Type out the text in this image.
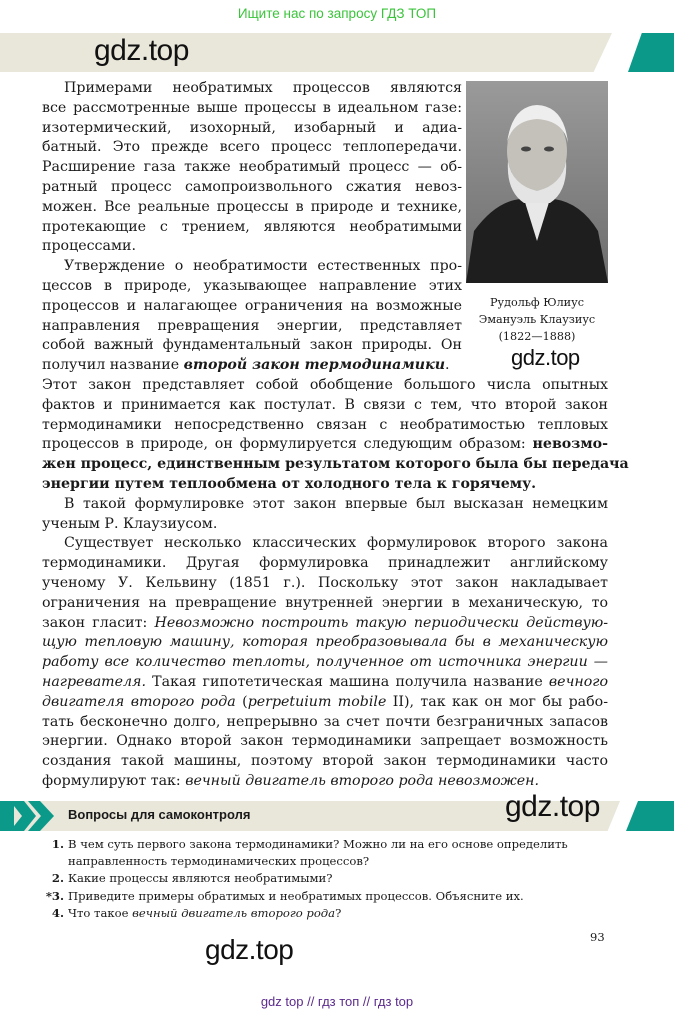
Ищите нас по запросу ГДЗ ТОП
gdz.top
Примерами необратимых процессов являются
все рассмотренные выше процессы в идеальном газе:
изотермический, изохорный, изобарный и адиа-
батный. Это прежде всего процесс теплопередачи.
Расширение газа также необратимый процесс — об-
ратный процесс самопроизвольного сжатия невоз-
можен. Все реальные процессы в природе и технике,
протекающие с трением, являются необратимыми
процессами.
Утверждение о необратимости естественных про-
цессов в природе, указывающее направление этих
процессов и налагающее ограничения на возможные
направления превращения энергии, представляет
собой важный фундаментальный закон природы. Он
получил название второй закон термодинамики.
Этот закон представляет собой обобщение большого числа опытных
фактов и принимается как постулат. В связи с тем, что второй закон
термодинамики непосредственно связан с необратимостью тепловых
процессов в природе, он формулируется следующим образом: невозмо-
жен процесс, единственным результатом которого была бы передача
энергии путем теплообмена от холодного тела к горячему.
В такой формулировке этот закон впервые был высказан немецким
ученым Р. Клаузиусом.
Существует несколько классических формулировок второго закона
термодинамики. Другая формулировка принадлежит английскому
ученому У. Кельвину (1851 г.). Поскольку этот закон накладывает
ограничения на превращение внутренней энергии в механическую, то
закон гласит: Невозможно построить такую периодически действую-
щую тепловую машину, которая преобразовывала бы в механическую
работу все количество теплоты, полученное от источника энергии —
нагревателя. Такая гипотетическая машина получила название вечного
двигателя второго рода (perpetuium mobile II), так как он мог бы рабо-
тать бесконечно долго, непрерывно за счет почти безграничных запасов
энергии. Однако второй закон термодинамики запрещает возможность
создания такой машины, поэтому второй закон термодинамики часто
формулируют так: вечный двигатель второго рода невозможен.
Рудольф Юлиус
Эмануэль Клаузиус
(1822—1888)
gdz.top
Вопросы для самоконтроля	gdz.top
1. В чем суть первого закона термодинамики? Можно ли на его основе определить
направленность термодинамических процессов?
2. Какие процессы являются необратимыми?
*3. Приведите примеры обратимых и необратимых процессов. Объясните их.
4. Что такое вечный двигатель второго рода?
93
gdz.top
gdz top // гдз топ // гдз top
